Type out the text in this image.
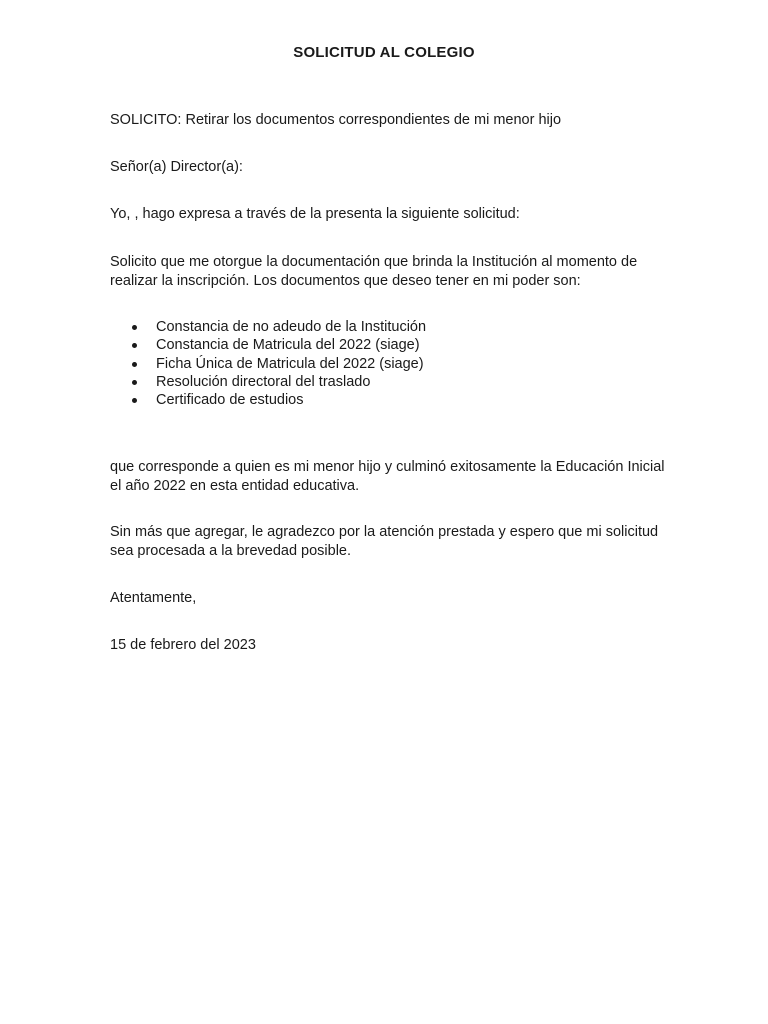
SOLICITUD AL COLEGIO
SOLICITO: Retirar los documentos correspondientes de mi menor hijo
Señor(a) Director(a):
Yo, , hago expresa a través de la presenta la siguiente solicitud:
Solicito que me otorgue la documentación que brinda la Institución al momento de realizar la inscripción. Los documentos que deseo tener en mi poder son:
Constancia de no adeudo de la Institución
Constancia de Matricula del 2022 (siage)
Ficha Única de Matricula del 2022 (siage)
Resolución directoral del traslado
Certificado de estudios
que corresponde a quien es mi menor hijo y culminó exitosamente la Educación Inicial el año 2022 en esta entidad educativa.
Sin más que agregar, le agradezco por la atención prestada y espero que mi solicitud sea procesada a la brevedad posible.
Atentamente,
15 de febrero del 2023
